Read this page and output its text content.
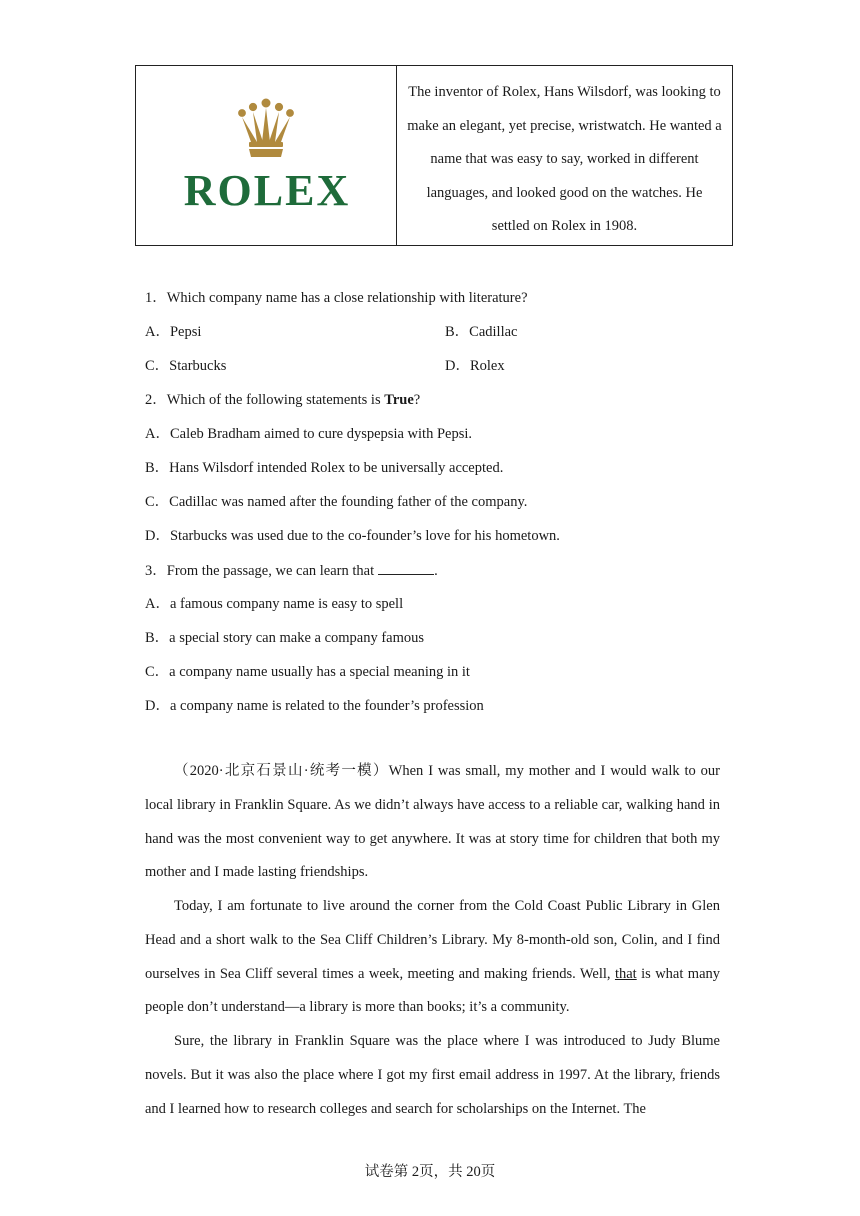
The inventor of Rolex, Hans Wilsdorf, was looking to make an elegant, yet precise, wristwatch. He wanted a name that was easy to say, worked in different languages, and looked good on the watches. He settled on Rolex in 1908.
ROLEX
1．Which company name has a close relationship with literature?
A．Pepsi	B．Cadillac
C．Starbucks	D．Rolex
2．Which of the following statements is True?
A．Caleb Bradham aimed to cure dyspepsia with Pepsi.
B．Hans Wilsdorf intended Rolex to be universally accepted.
C．Cadillac was named after the founding father of the company.
D．Starbucks was used due to the co-founder’s love for his hometown.
3．From the passage, we can learn that	.
A．a famous company name is easy to spell
B．a special story can make a company famous
C．a company name usually has a special meaning in it
D．a company name is related to the founder’s profession
（2020·北京石景山·统考一模）When I was small, my mother and I would walk to our local library in Franklin Square. As we didn’t always have access to a reliable car, walking hand in hand was the most convenient way to get anywhere. It was at story time for children that both my mother and I made lasting friendships.
Today, I am fortunate to live around the corner from the Cold Coast Public Library in Glen Head and a short walk to the Sea Cliff Children’s Library. My 8-month-old son, Colin, and I find ourselves in Sea Cliff several times a week, meeting and making friends. Well, that is what many people don’t understand—a library is more than books; it’s a community.
Sure, the library in Franklin Square was the place where I was introduced to Judy Blume novels. But it was also the place where I got my first email address in 1997. At the library, friends and I learned how to research colleges and search for scholarships on the Internet. The
试卷第 2页，共 20页
